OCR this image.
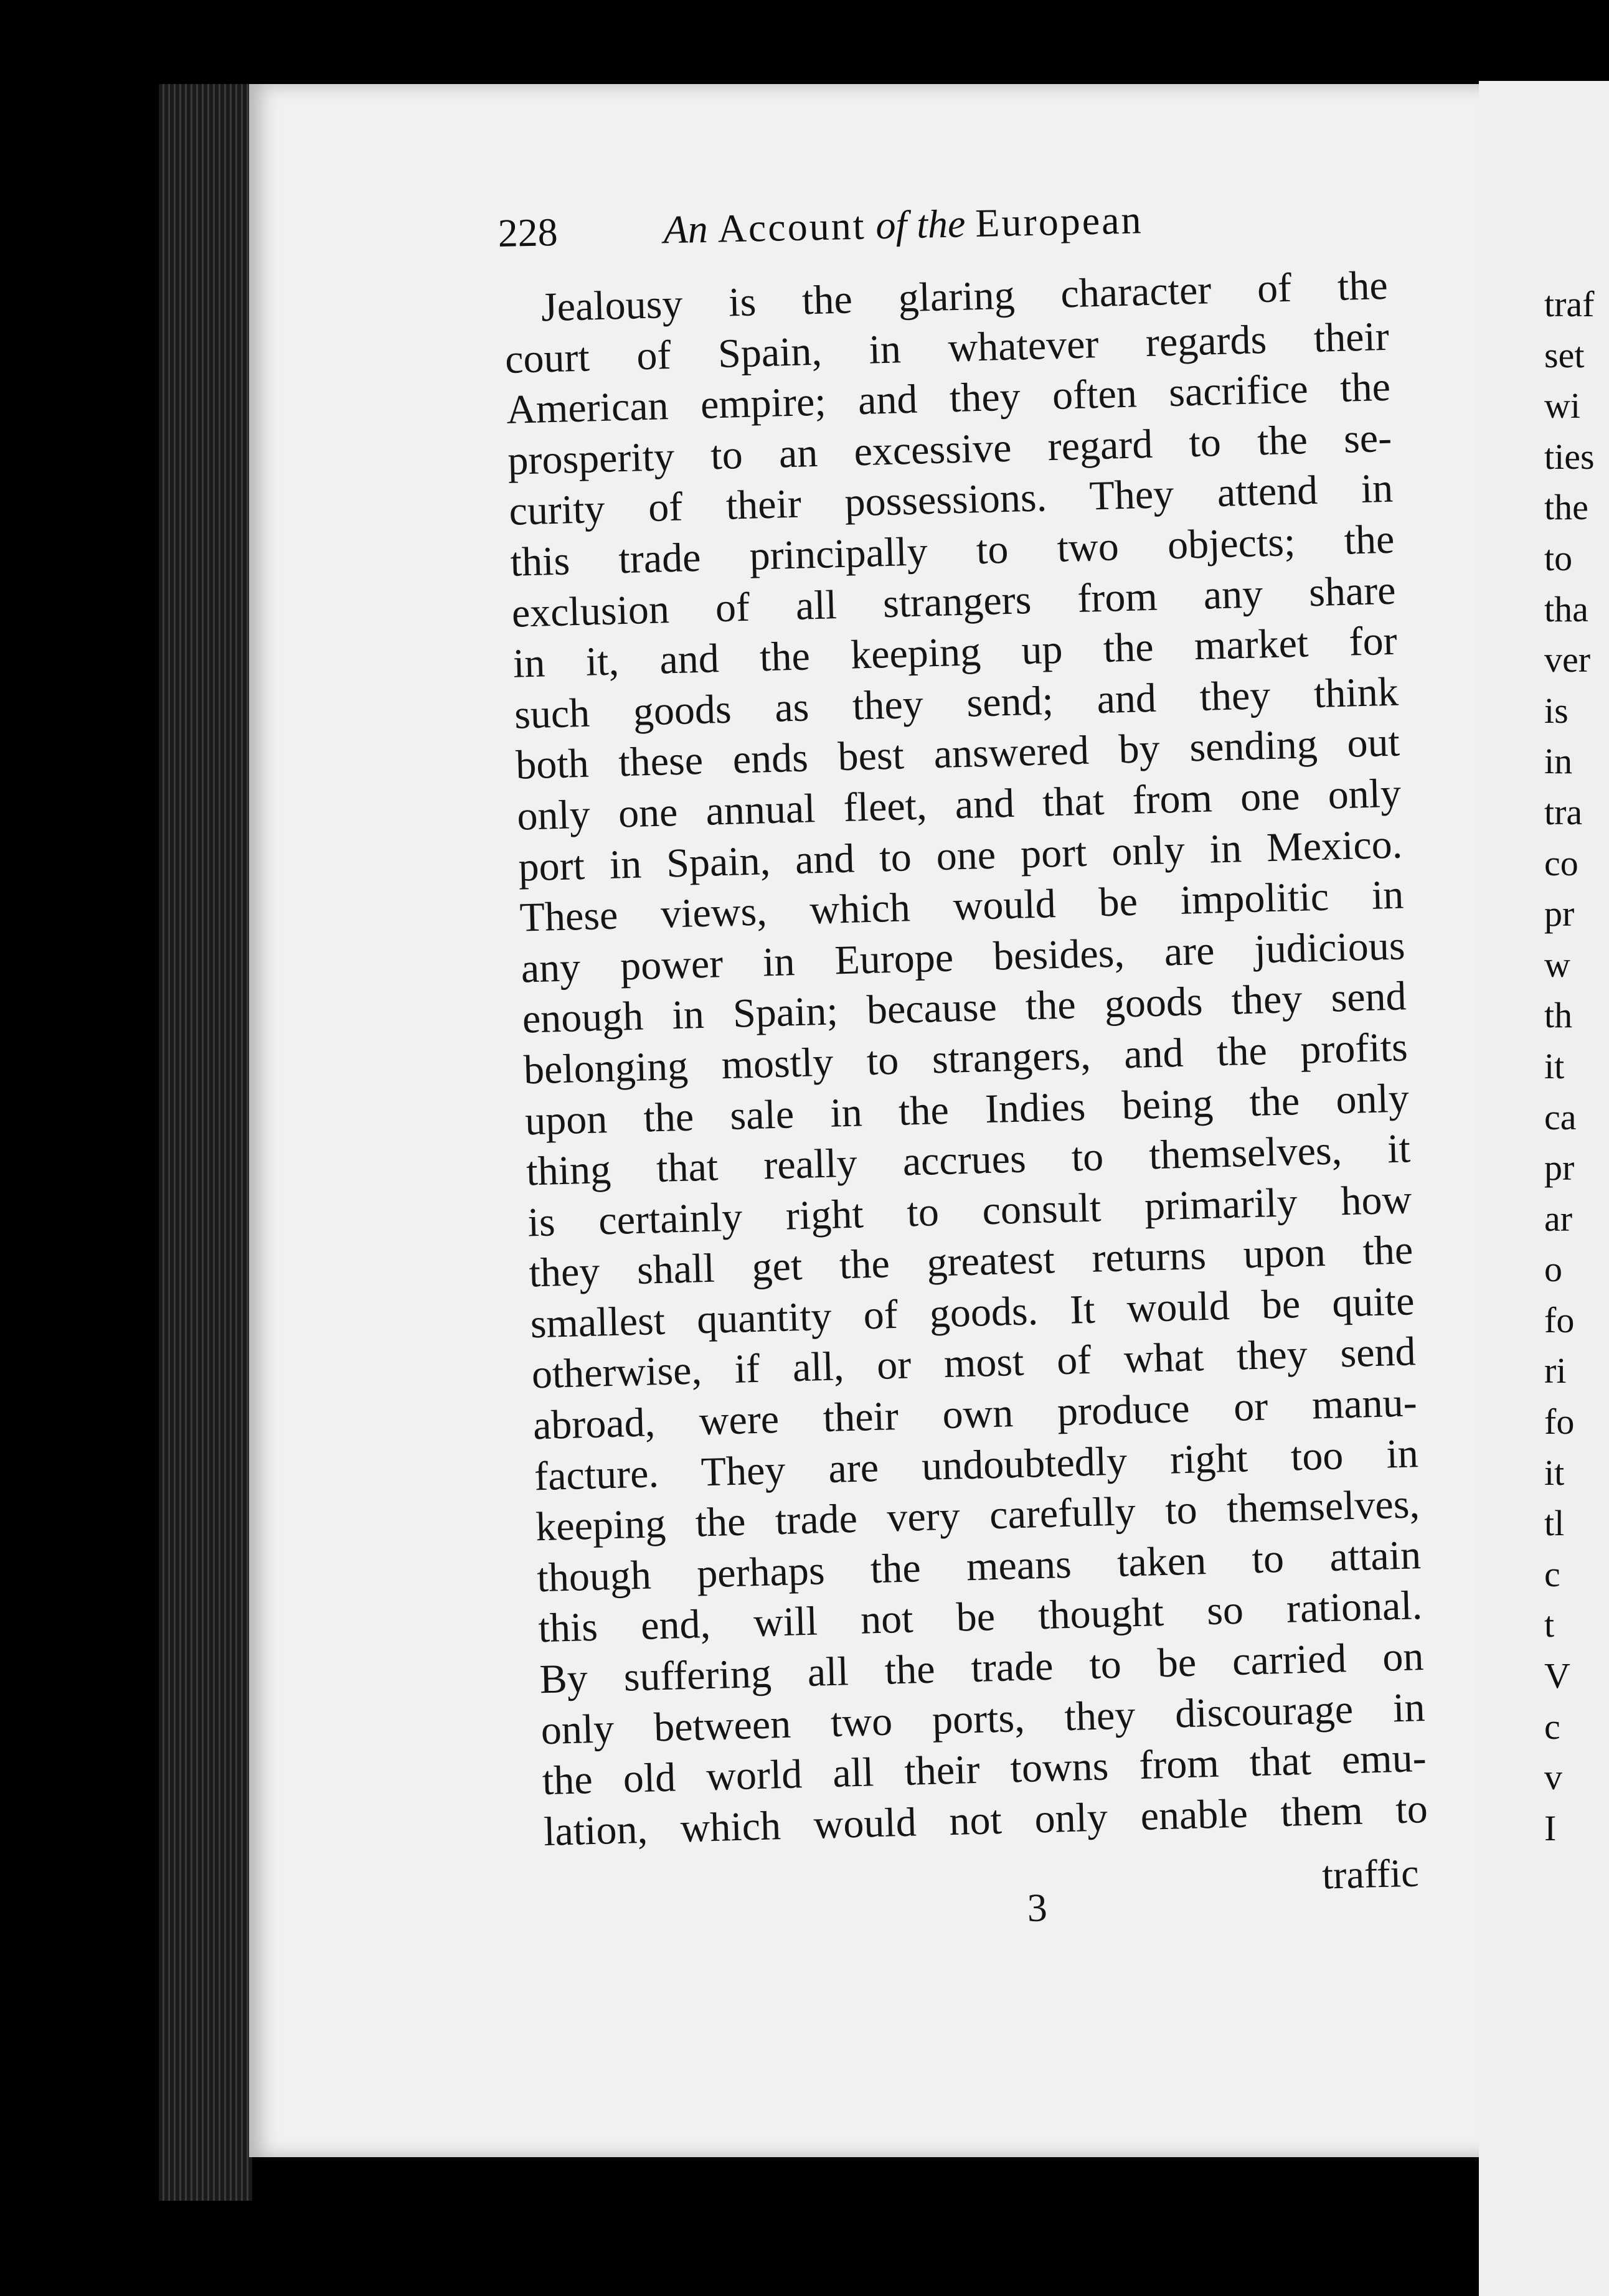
228	An Account of the European
Jealousy is the glaring character of the
court of Spain, in whatever regards their
American empire; and they often sacrifice the
prosperity to an excessive regard to the se-
curity of their possessions. They attend in
this trade principally to two objects; the
exclusion of all strangers from any share
in it, and the keeping up the market for
such goods as they send; and they think
both these ends best answered by sending out
only one annual fleet, and that from one only
port in Spain, and to one port only in Mexico.
These views, which would be impolitic in
any power in Europe besides, are judicious
enough in Spain; because the goods they send
belonging mostly to strangers, and the profits
upon the sale in the Indies being the only
thing that really accrues to themselves, it
is certainly right to consult primarily how
they shall get the greatest returns upon the
smallest quantity of goods. It would be quite
otherwise, if all, or most of what they send
abroad, were their own produce or manu-
facture. They are undoubtedly right too in
keeping the trade very carefully to themselves,
though perhaps the means taken to attain
this end, will not be thought so rational.
By suffering all the trade to be carried on
only between two ports, they discourage in
the old world all their towns from that emu-
lation, which would not only enable them to
3
traffic
traf
set
wi
ties
the
to
tha
ver
is
in
tra
co
pr
w
th
it
ca
pr
ar
o
fo
ri
fo
it
tl
c
t
V
c
v
I
